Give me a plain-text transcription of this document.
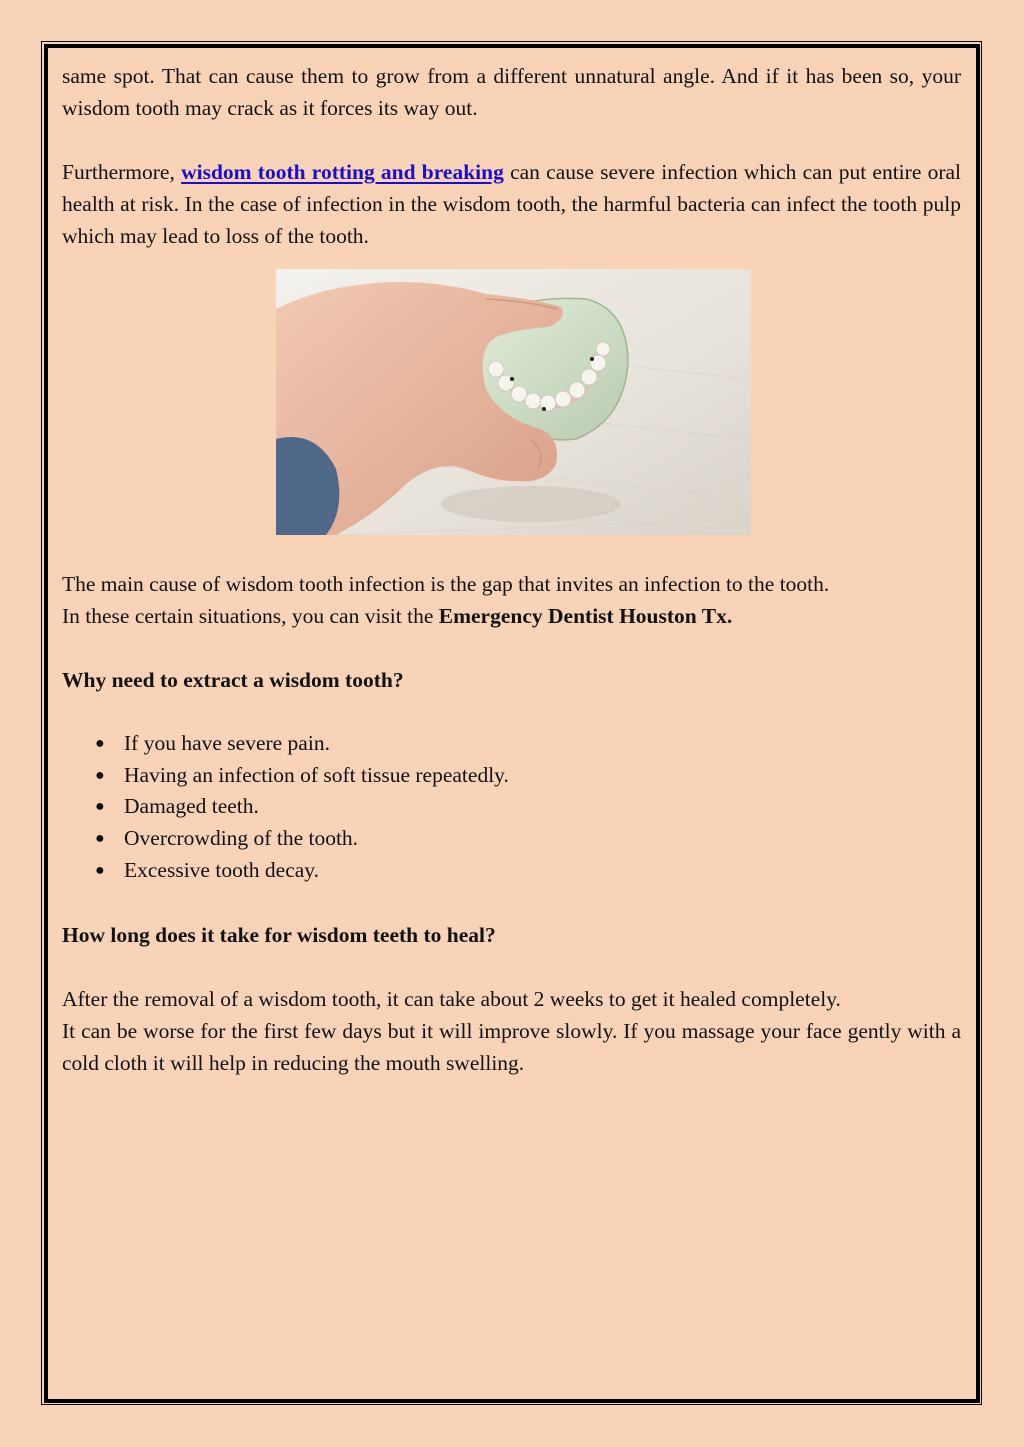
same spot. That can cause them to grow from a different unnatural angle. And if it has been so, your wisdom tooth may crack as it forces its way out.

Furthermore, wisdom tooth rotting and breaking can cause severe infection which can put entire oral health at risk. In the case of infection in the wisdom tooth, the harmful bacteria can infect the tooth pulp which may lead to loss of the tooth.

The main cause of wisdom tooth infection is the gap that invites an infection to the tooth.
In these certain situations, you can visit the Emergency Dentist Houston Tx.

Why need to extract a wisdom tooth?
● If you have severe pain.
● Having an infection of soft tissue repeatedly.
● Damaged teeth.
● Overcrowding of the tooth.
● Excessive tooth decay.
How long does it take for wisdom teeth to heal?

After the removal of a wisdom tooth, it can take about 2 weeks to get it healed completely.

It can be worse for the first few days but it will improve slowly. If you massage your face gently with a cold cloth it will help in reducing the mouth swelling.
